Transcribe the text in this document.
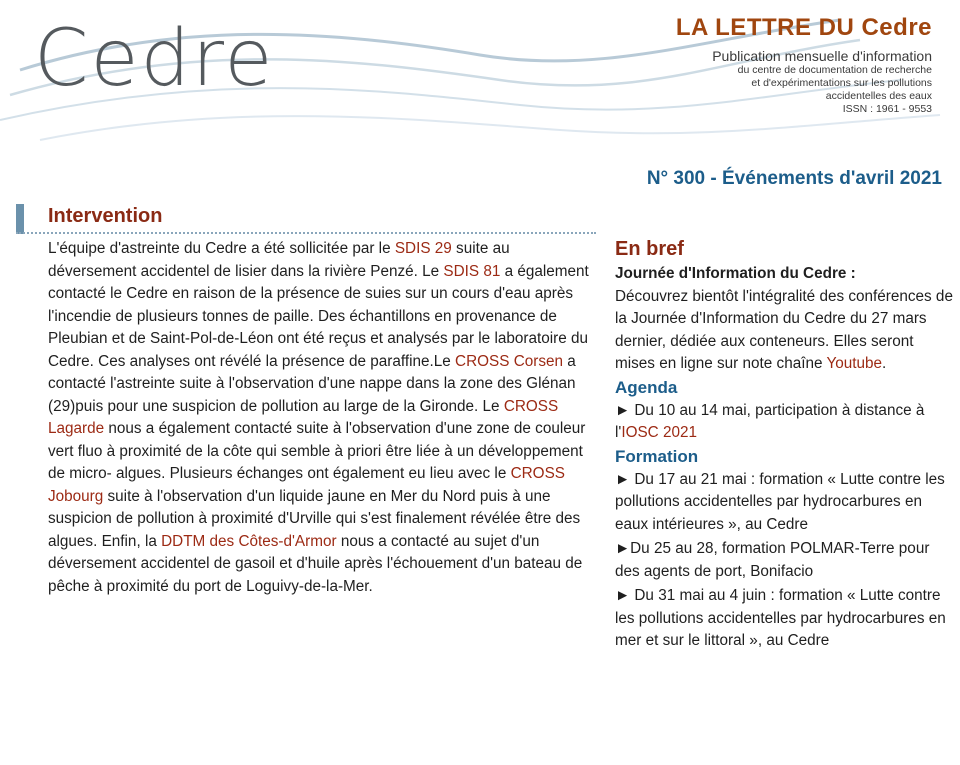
Cedre	LA LETTRE DU Cedre
Publication mensuelle d'information
du centre de documentation de recherche
et d'expérimentations sur les pollutions
accidentelles des eaux
ISSN : 1961 - 9553
N° 300 - Événements d'avril 2021
Intervention
L'équipe d'astreinte du Cedre a été sollicitée par le SDIS 29 suite au déversement accidentel de lisier dans la rivière Penzé. Le SDIS 81 a également contacté le Cedre en raison de la présence de suies sur un cours d'eau après l'incendie de plusieurs tonnes de paille. Des échantillons en provenance de Pleubian et de Saint-Pol-de-Léon ont été reçus et analysés par le laboratoire du Cedre. Ces analyses ont révélé la présence de paraffine.Le CROSS Corsen a contacté l'astreinte suite à l'observation d'une nappe dans la zone des Glénan (29)puis pour une suspicion de pollution au large de la Gironde. Le CROSS Lagarde nous a également contacté suite à l'observation d'une zone de couleur vert fluo à proximité de la côte qui semble à priori être liée à un développement de micro- algues. Plusieurs échanges ont également eu lieu avec le CROSS Jobourg suite à l'observation d'un liquide jaune en Mer du Nord puis à une suspicion de pollution à proximité d'Urville qui s'est finalement révélée être des algues. Enfin, la DDTM des Côtes-d'Armor nous a contacté au sujet d'un déversement accidentel de gasoil et d'huile après l'échouement d'un bateau de pêche à proximité du port de Loguivy-de-la-Mer.
En bref
Journée d'Information du Cedre :
Découvrez bientôt l'intégralité des conférences de la Journée d'Information du Cedre du 27 mars dernier, dédiée aux conteneurs. Elles seront mises en ligne sur note chaîne Youtube.
Agenda
► Du 10 au 14 mai, participation à distance à l'IOSC 2021
Formation
► Du 17 au 21 mai : formation « Lutte contre les pollutions accidentelles par hydrocarbures en eaux intérieures », au Cedre
►Du 25 au 28, formation POLMAR-Terre pour des agents de port, Bonifacio
► Du 31 mai au 4 juin : formation « Lutte contre les pollutions accidentelles par hydrocarbures en mer et sur le littoral », au Cedre
